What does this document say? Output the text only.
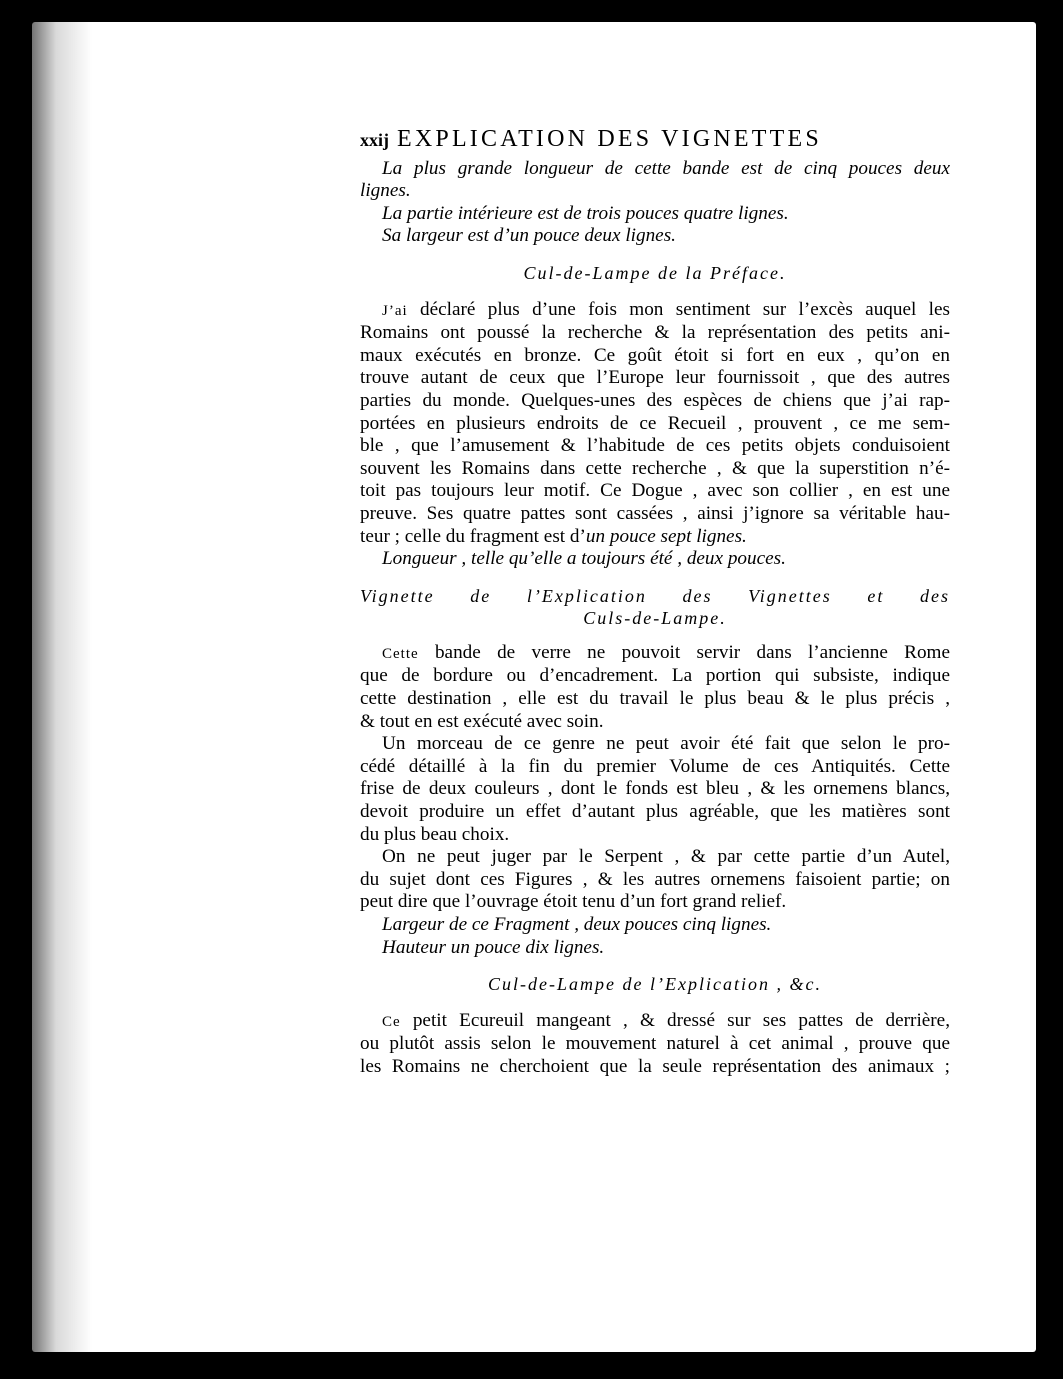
xxij EXPLICATION DES VIGNETTES
La plus grande longueur de cette bande est de cinq pouces deux
lignes.
La partie intérieure est de trois pouces quatre lignes.
Sa largeur est d’un pouce deux lignes.
Cul-de-Lampe de la Préface.
J’ai déclaré plus d’une fois mon sentiment sur l’excès auquel les
Romains ont poussé la recherche & la représentation des petits ani-
maux exécutés en bronze. Ce goût étoit si fort en eux , qu’on en
trouve autant de ceux que l’Europe leur fournissoit , que des autres
parties du monde. Quelques-unes des espèces de chiens que j’ai rap-
portées en plusieurs endroits de ce Recueil , prouvent , ce me sem-
ble , que l’amusement & l’habitude de ces petits objets conduisoient
souvent les Romains dans cette recherche , & que la superstition n’é-
toit pas toujours leur motif. Ce Dogue , avec son collier , en est une
preuve. Ses quatre pattes sont cassées , ainsi j’ignore sa véritable hau-
teur ; celle du fragment est d’un pouce sept lignes.
Longueur , telle qu’elle a toujours été , deux pouces.
Vignette de l’Explication des Vignettes et des
Culs-de-Lampe.
Cette bande de verre ne pouvoit servir dans l’ancienne Rome
que de bordure ou d’encadrement. La portion qui subsiste, indique
cette destination , elle est du travail le plus beau & le plus précis ,
& tout en est exécuté avec soin.
Un morceau de ce genre ne peut avoir été fait que selon le pro-
cédé détaillé à la fin du premier Volume de ces Antiquités. Cette
frise de deux couleurs , dont le fonds est bleu , & les ornemens blancs,
devoit produire un effet d’autant plus agréable, que les matières sont
du plus beau choix.
On ne peut juger par le Serpent , & par cette partie d’un Autel,
du sujet dont ces Figures , & les autres ornemens faisoient partie; on
peut dire que l’ouvrage étoit tenu d’un fort grand relief.
Largeur de ce Fragment , deux pouces cinq lignes.
Hauteur un pouce dix lignes.
Cul-de-Lampe de l’Explication , &c.
Ce petit Ecureuil mangeant , & dressé sur ses pattes de derrière,
ou plutôt assis selon le mouvement naturel à cet animal , prouve que
les Romains ne cherchoient que la seule représentation des animaux ;
